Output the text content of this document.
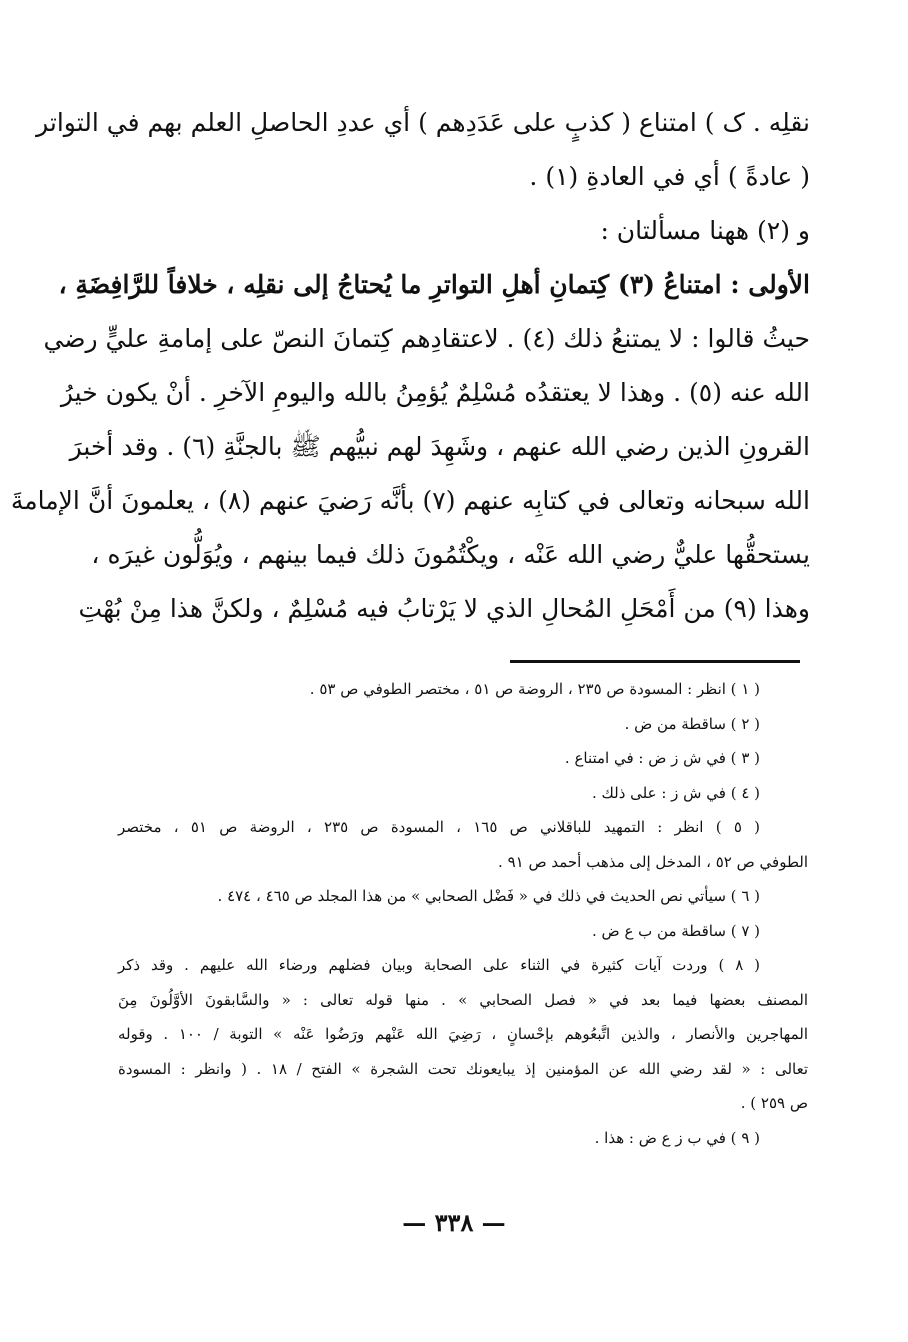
نقلِه . ک ) امتناع ( كذبٍ على عَدَدِهم ) أي عددِ الحاصلِ العلم بهم في التواتر
( عادةً ) أي في العادةِ (١) .
و (٢) ههنا مسألتان :
الأولى : امتناعُ (٣) كِتمانِ أهلِ التواترِ ما يُحتاجُ إلى نقلِه ، خلافاً للرَّافِضَةِ ،
حيثُ قالوا : لا يمتنعُ ذلك (٤) . لاعتقادِهم كِتمانَ النصّ على إمامةِ عليٍّ رضي
الله عنه (٥) . وهذا لا يعتقدُه مُسْلِمٌ يُؤمِنُ بالله واليومِ الآخرِ . أنْ يكون خيرُ
القرونِ الذين رضي الله عنهم ، وشَهِدَ لهم نبيُّهم ﷺ بالجنَّةِ (٦) . وقد أخبرَ
الله سبحانه وتعالى في كتابِه عنهم (٧) بأنَّه رَضيَ عنهم (٨) ، يعلمونَ أنَّ الإمامةَ
يستحقُّها عليٌّ رضي الله عَنْه ، ويكْتُمُونَ ذلك فيما بينهم ، ويُوَلُّون غيرَه ،
وهذا (٩) من أَمْحَلِ المُحالِ الذي لا يَرْتابُ فيه مُسْلِمٌ ، ولكنَّ هذا مِنْ بُهْتِ
( ١ ) انظر : المسودة ص ٢٣٥ ، الروضة ص ٥١ ، مختصر الطوفي ص ٥٣ .
( ٢ ) ساقطة من ض .
( ٣ ) في ش ز ض : في امتناع .
( ٤ ) في ش ز : على ذلك .
( ٥ ) انظر : التمهيد للباقلاني ص ١٦٥ ، المسودة ص ٢٣٥ ، الروضة ص ٥١ ، مختصر
الطوفي ص ٥٢ ، المدخل إلى مذهب أحمد ص ٩١ .
( ٦ ) سيأتي نص الحديث في ذلك في « فَضْل الصحابي » من هذا المجلد ص ٤٦٥ ، ٤٧٤ .
( ٧ ) ساقطة من ب ع ض .
( ٨ ) وردت آيات كثيرة في الثناء على الصحابة وبيان فضلهم ورضاء الله عليهم . وقد ذكر
المصنف بعضها فيما بعد في « فصل الصحابي » . منها قوله تعالى : « والسَّابقونَ الأوَّلُونَ مِنَ
المهاجرين والأنصار ، والذين اتَّبعُوهم بإحْسانٍ ، رَضِيَ الله عَنْهم ورَضُوا عَنْه » التوبة / ١٠٠ . وقوله
تعالى : « لقد رضي الله عن المؤمنين إذ يبايعونك تحت الشجرة » الفتح / ١٨ . ( وانظر : المسودة
ص ٢٥٩ ) .
( ٩ ) في ب ز ع ض : هذا .
— ٣٣٨ —
